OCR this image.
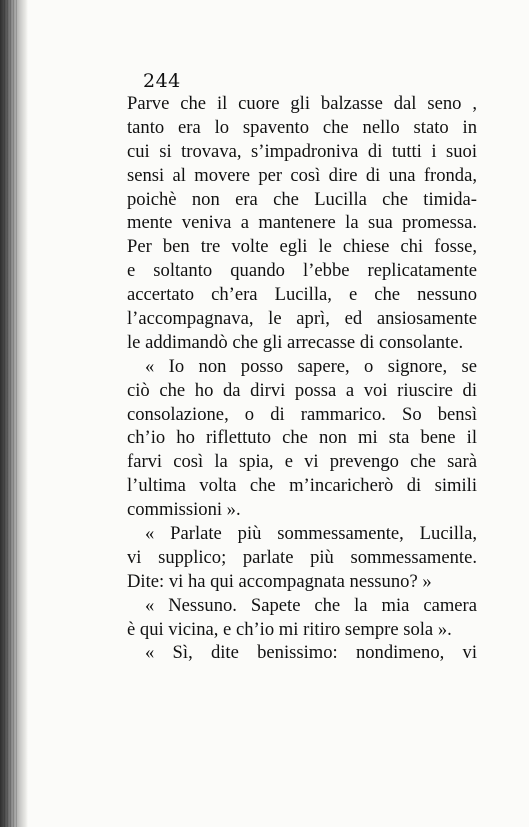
244
Parve che il cuore gli balzasse dal seno ,
tanto era lo spavento che nello stato in
cui si trovava, s’impadroniva di tutti i suoi
sensi al movere per così dire di una fronda,
poichè non era che Lucilla che timida-
mente veniva a mantenere la sua promessa.
Per ben tre volte egli le chiese chi fosse,
e soltanto quando l’ebbe replicatamente
accertato ch’era Lucilla, e che nessuno
l’accompagnava, le aprì, ed ansiosamente
le addimandò che gli arrecasse di consolante.
« Io non posso sapere, o signore, se
ciò che ho da dirvi possa a voi riuscire di
consolazione, o di rammarico. So bensì
ch’io ho riflettuto che non mi sta bene il
farvi così la spia, e vi prevengo che sarà
l’ultima volta che m’incaricherò di simili
commissioni ».
« Parlate più sommessamente, Lucilla,
vi supplico; parlate più sommessamente.
Dite: vi ha qui accompagnata nessuno? »
« Nessuno. Sapete che la mia camera
è qui vicina, e ch’io mi ritiro sempre sola ».
« Sì, dite benissimo: nondimeno, vi
